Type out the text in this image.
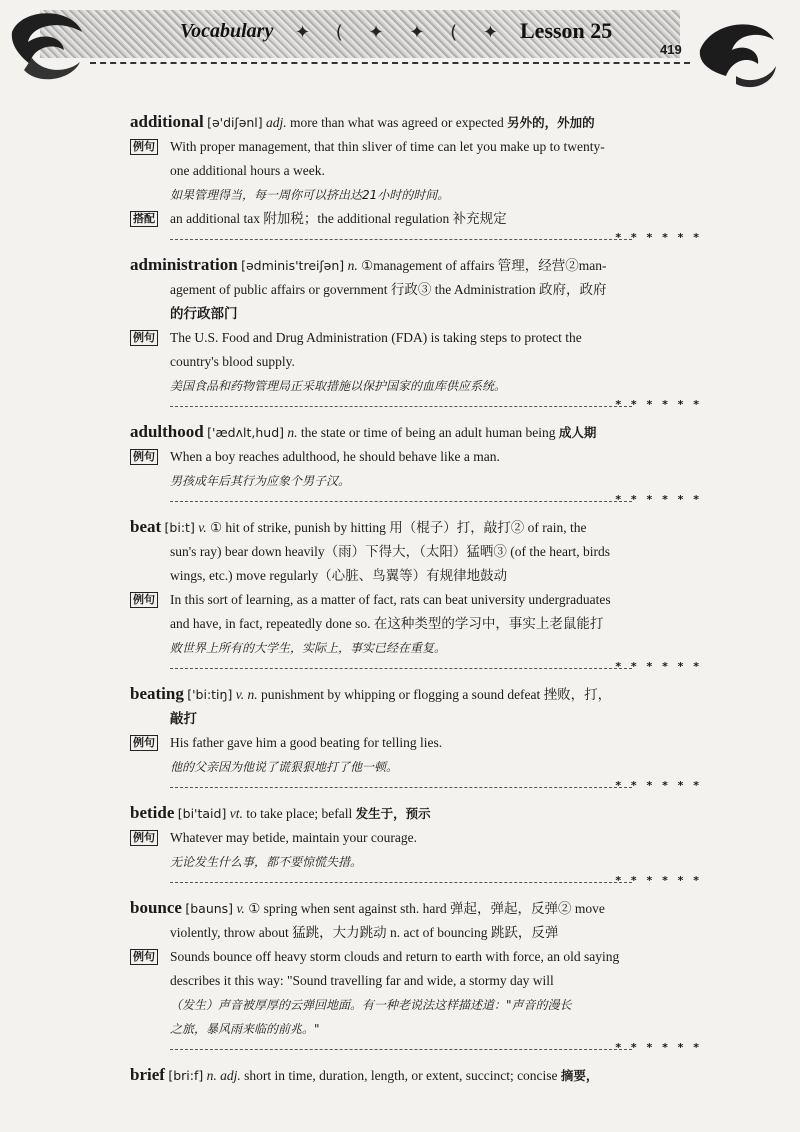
Vocabulary ✦ ( ✦ ✦ ( ✦ Lesson 25
419
additional [ə'diʃənl] adj. more than what was agreed or expected 另外的，外加的
例句 With proper management, that thin sliver of time can let you make up to twenty-
one additional hours a week.
如果管理得当，每一周你可以挤出达21小时的时间。
搭配 an additional tax 附加税；the additional regulation 补充规定
* * * * * *
administration [ədminis'treiʃən] n. ①management of affairs 管理，经营②man-
agement of public affairs or government 行政③ the Administration 政府，政府
的行政部门
例句 The U.S. Food and Drug Administration (FDA) is taking steps to protect the
country's blood supply.
美国食品和药物管理局正采取措施以保护国家的血库供应系统。
* * * * * *
adulthood ['ædʌlt,hud] n. the state or time of being an adult human being 成人期
例句 When a boy reaches adulthood, he should behave like a man.
男孩成年后其行为应象个男子汉。
* * * * * *
beat [bi:t] v. ① hit of strike, punish by hitting 用（棍子）打，敲打② of rain, the
sun's ray) bear down heavily（雨）下得大，（太阳）猛晒③ (of the heart, birds
wings, etc.) move regularly（心脏、鸟翼等）有规律地鼓动
例句 In this sort of learning, as a matter of fact, rats can beat university undergraduates
and have, in fact, repeatedly done so. 在这种类型的学习中，事实上老鼠能打
败世界上所有的大学生，实际上，事实已经在重复。
* * * * * *
beating ['bi:tiŋ] v. n. punishment by whipping or flogging a sound defeat 挫败，打，
敲打
例句 His father gave him a good beating for telling lies.
他的父亲因为他说了谎狠狠地打了他一顿。
* * * * * *
betide [bi'taid] vt. to take place; befall 发生于，预示
例句 Whatever may betide, maintain your courage.
无论发生什么事，都不要惊慌失措。
* * * * * *
bounce [bauns] v. ① spring when sent against sth. hard 弹起，弹起，反弹② move
violently, throw about 猛跳，大力跳动 n. act of bouncing 跳跃，反弹
例句 Sounds bounce off heavy storm clouds and return to earth with force, an old saying
describes it this way: "Sound travelling far and wide, a stormy day will
（发生）声音被厚厚的云弹回地面。有一种老说法这样描述道："声音的漫长
之旅，暴风雨来临的前兆。"
* * * * * *
brief [bri:f] n. adj. short in time, duration, length, or extent, succinct; concise 摘要，
